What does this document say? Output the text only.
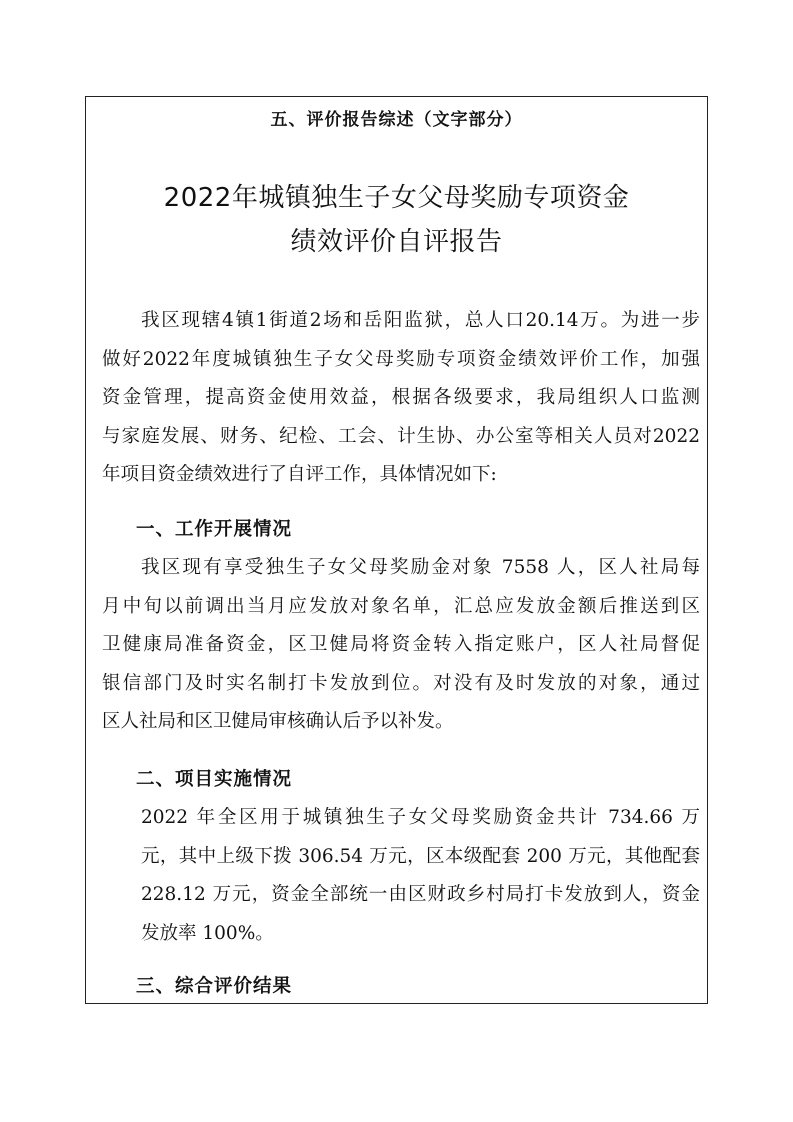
五、评价报告综述（文字部分）
2022年城镇独生子女父母奖励专项资金
绩效评价自评报告
我区现辖4镇1街道2场和岳阳监狱，总人口20.14万。为进一步
做好2022年度城镇独生子女父母奖励专项资金绩效评价工作，加强
资金管理，提高资金使用效益，根据各级要求，我局组织人口监测
与家庭发展、财务、纪检、工会、计生协、办公室等相关人员对2022
年项目资金绩效进行了自评工作，具体情况如下:
一、工作开展情况
我区现有享受独生子女父母奖励金对象 7558 人，区人社局每
月中旬以前调出当月应发放对象名单，汇总应发放金额后推送到区
卫健康局准备资金，区卫健局将资金转入指定账户，区人社局督促
银信部门及时实名制打卡发放到位。对没有及时发放的对象，通过
区人社局和区卫健局审核确认后予以补发。
二、项目实施情况
2022 年全区用于城镇独生子女父母奖励资金共计 734.66 万
元，其中上级下拨 306.54 万元，区本级配套 200 万元，其他配套
228.12 万元，资金全部统一由区财政乡村局打卡发放到人，资金
发放率 100%。
三、综合评价结果
